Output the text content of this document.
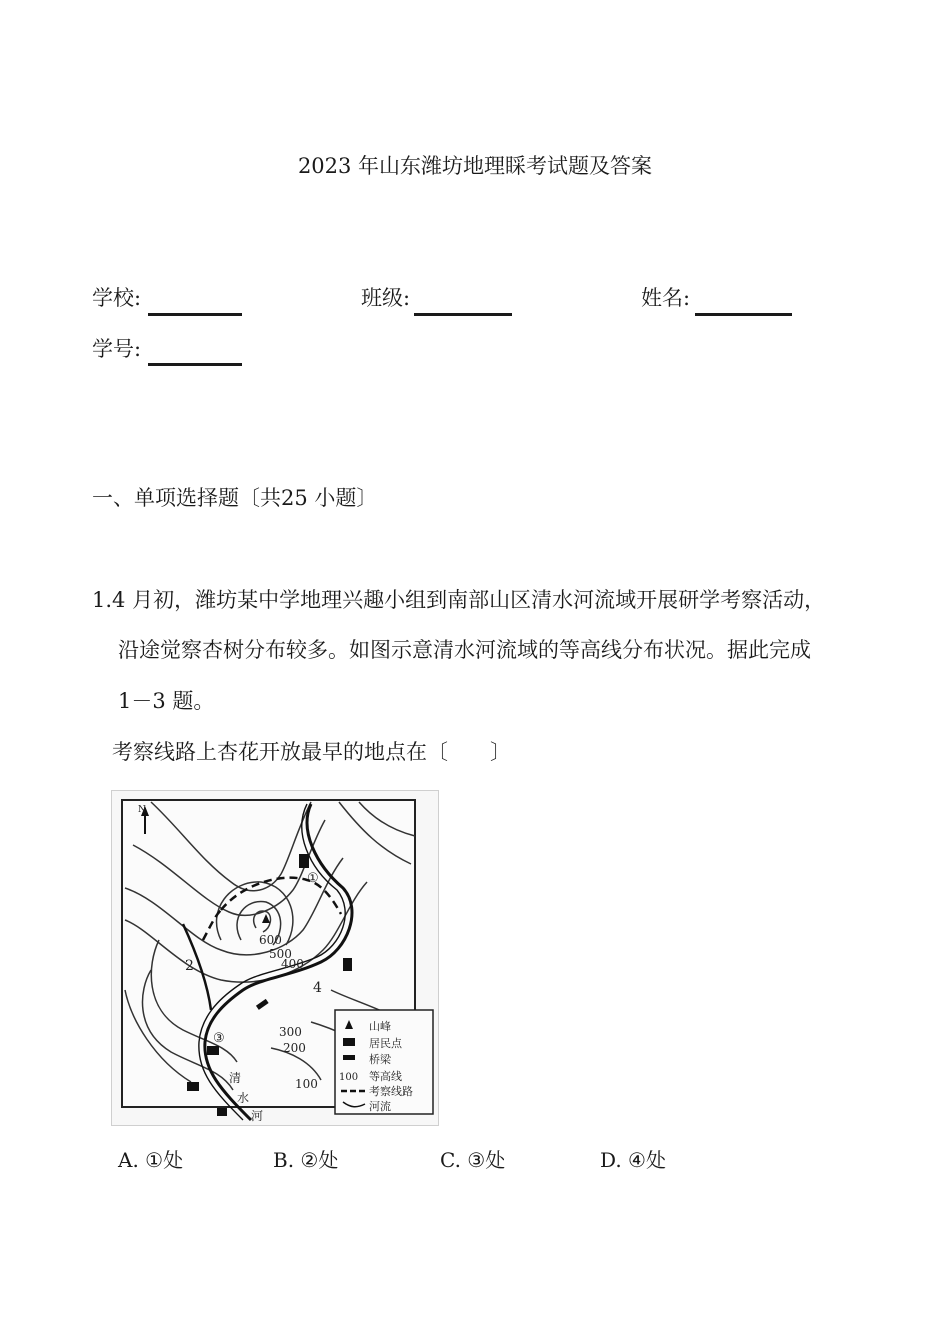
2023 年山东潍坊地理睬考试题及答案
学校:	班级:	姓名:
学号:
一、单项选择题〔共25 小题〕
1.4 月初，潍坊某中学地理兴趣小组到南部山区清水河流域开展研学考察活动，
沿途觉察杏树分布较多。如图示意清水河流域的等高线分布状况。据此完成
1－3 题。
考察线路上杏花开放最早的地点在〔　　〕
N
600
500
400
300
200
100
①
2
③
4
清
水
河
山峰
居民点
桥梁
100 等高线
考察线路
河流
A. ①处	B. ②处	C. ③处	D. ④处
